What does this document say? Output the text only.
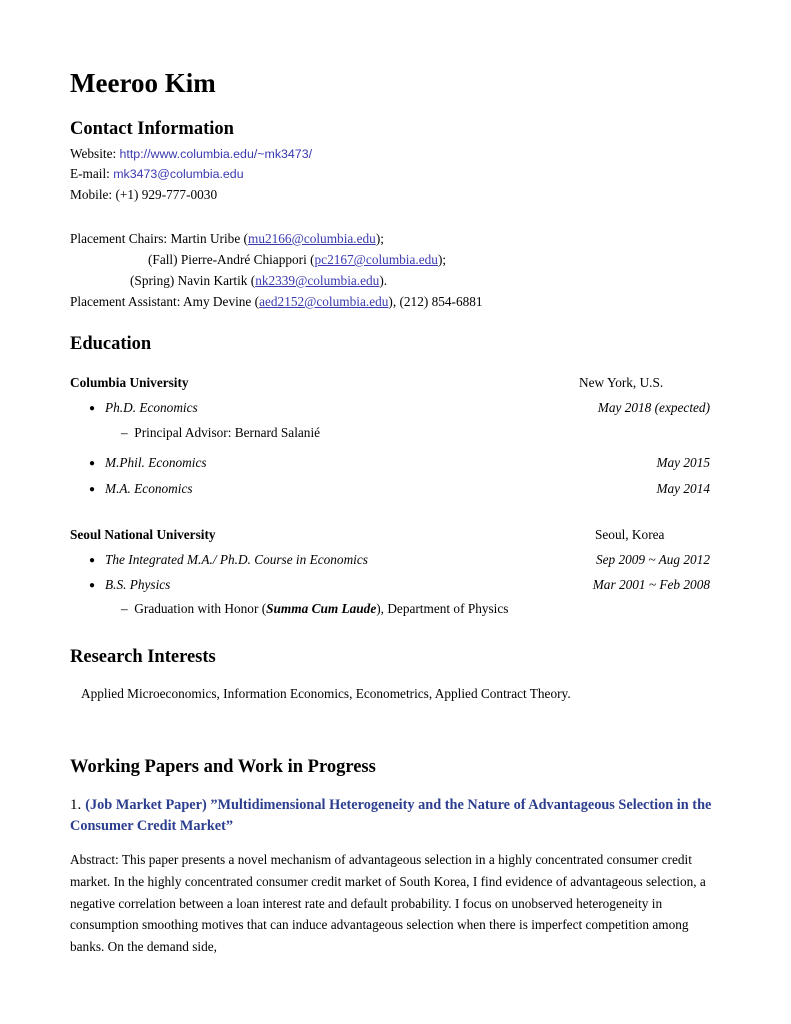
Meeroo Kim
Contact Information
Website: http://www.columbia.edu/~mk3473/
E-mail: mk3473@columbia.edu
Mobile: (+1) 929-777-0030
Placement Chairs: Martin Uribe (mu2166@columbia.edu);
(Fall) Pierre-André Chiappori (pc2167@columbia.edu);
(Spring) Navin Kartik (nk2339@columbia.edu).
Placement Assistant: Amy Devine (aed2152@columbia.edu), (212) 854-6881
Education
Columbia University	New York, U.S.
● Ph.D. Economics	May 2018 (expected)
–  Principal Advisor: Bernard Salanié
● M.Phil. Economics	May 2015
● M.A. Economics	May 2014
Seoul National University	Seoul, Korea
● The Integrated M.A./ Ph.D. Course in Economics	Sep 2009 ~ Aug 2012
● B.S. Physics	Mar 2001 ~ Feb 2008
–  Graduation with Honor (Summa Cum Laude), Department of Physics
Research Interests
Applied Microeconomics, Information Economics, Econometrics, Applied Contract Theory.
Working Papers and Work in Progress
1. (Job Market Paper) ”Multidimensional Heterogeneity and the Nature of Advantageous Selection in the Consumer Credit Market”
Abstract: This paper presents a novel mechanism of advantageous selection in a highly concentrated consumer credit market. In the highly concentrated consumer credit market of South Korea, I find evidence of advantageous selection, a negative correlation between a loan interest rate and default probability. I focus on unobserved heterogeneity in consumption smoothing motives that can induce advantageous selection when there is imperfect competition among banks. On the demand side,
